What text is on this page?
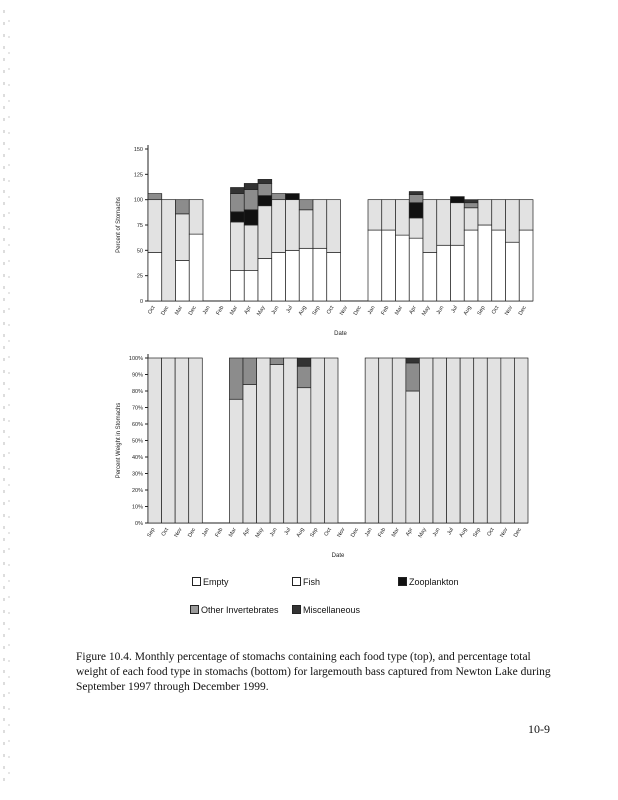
0
25
50
75
100
125
150
Oct Dec Mar Dec Jan Feb Mar Apr May Jun Jul Aug Sep Oct Nov Dec Jan Feb Mar Apr May Jun Jul Aug Sep Oct Nov Dec
Date
Percent of Stomachs
0%
10%
20%
30%
40%
50%
60%
70%
80%
90%
100%
Sep Oct Nov Dec Jan Feb Mar Apr May Jun Jul Aug Sep Oct Nov Dec Jan Feb Mar Apr May Jun Jul Aug Sep Oct Nov Dec
Date
Percent Weight in Stomachs
Empty	Fish	Zooplankton
Other Invertebrates	Miscellaneous
Figure 10.4. Monthly percentage of stomachs containing each food type (top), and percentage total weight of each food type in stomachs (bottom) for largemouth bass captured from Newton Lake during September 1997 through December 1999.
10-9
